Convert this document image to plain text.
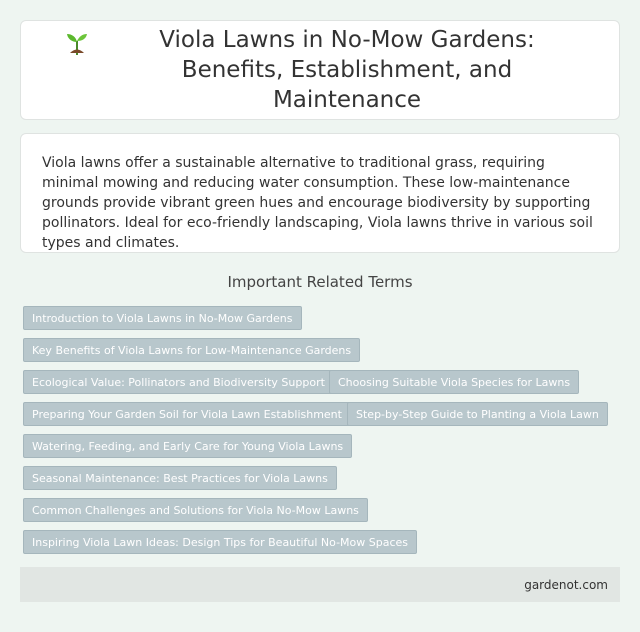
Viola Lawns in No-Mow Gardens: Benefits, Establishment, and Maintenance

Viola lawns offer a sustainable alternative to traditional grass, requiring minimal mowing and reducing water consumption. These low-maintenance grounds provide vibrant green hues and encourage biodiversity by supporting pollinators. Ideal for eco-friendly landscaping, Viola lawns thrive in various soil types and climates.

Important Related Terms
Introduction to Viola Lawns in No-Mow Gardens
Key Benefits of Viola Lawns for Low-Maintenance Gardens
Ecological Value: Pollinators and Biodiversity Support	Choosing Suitable Viola Species for Lawns
Preparing Your Garden Soil for Viola Lawn Establishment	Step-by-Step Guide to Planting a Viola Lawn
Watering, Feeding, and Early Care for Young Viola Lawns
Seasonal Maintenance: Best Practices for Viola Lawns
Common Challenges and Solutions for Viola No-Mow Lawns
Inspiring Viola Lawn Ideas: Design Tips for Beautiful No-Mow Spaces
gardenot.com
